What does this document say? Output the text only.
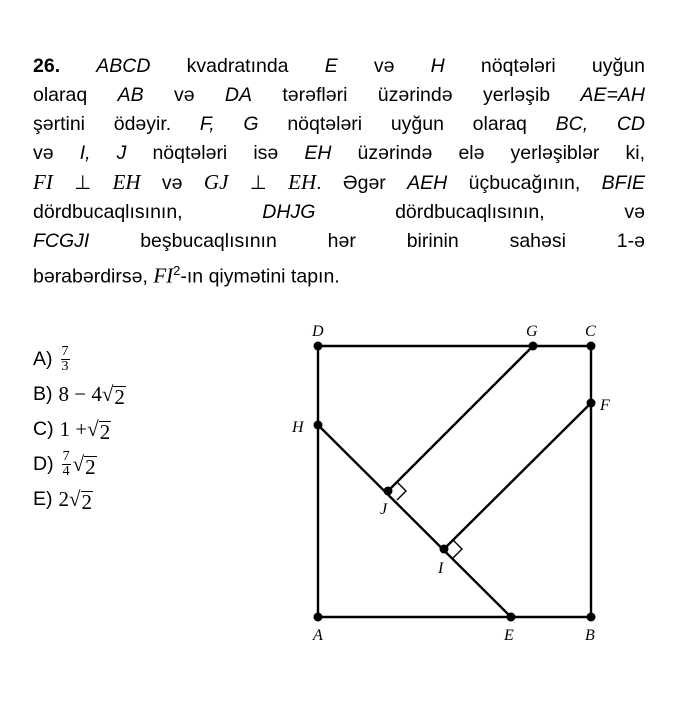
26. ABCD kvadratında E və H nöqtələri uyğun
olaraq AB və DA tərəfləri üzərində yerləşib AE=AH
şərtini ödəyir. F, G nöqtələri uyğun olaraq BC, CD
və I, J nöqtələri isə EH üzərində elə yerləşiblər ki,
FI ⊥ EH və GJ ⊥ EH. Əgər AEH üçbucağının, BFIE
dördbucaqlısının, DHJG dördbucaqlısının, və
FCGJI beşbucaqlısının hər birinin sahəsi 1-ə
bərabərdirsə, $FI^2-ın$ qiymətini tapın.
$A) \frac{7}{3}$
B) 8 − 4 √ 2
C) 1 + √ 2
$D) \frac{7}{4}$ √ 2
E) 2 √ 2
D	G	C
H
F
J
I
A	E	B
